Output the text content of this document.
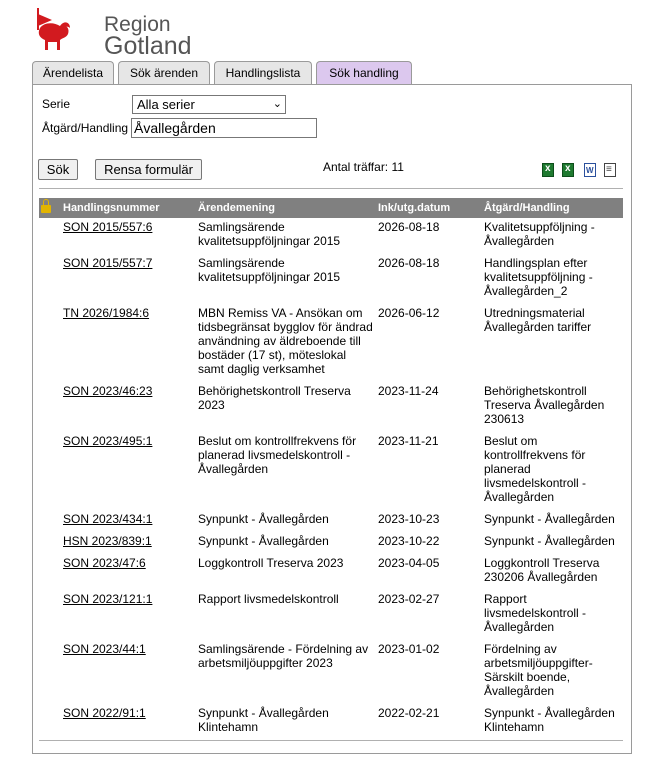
Region
Gotland
Ärendelista	Sök ärenden	Handlingslista	Sök handling
Serie	Alla serier	⌄
Åtgärd/Handling
Åvallegården
Sök	Rensa formulär	Antal träffar: 11
x
x
W
≡
	Handlingsnummer	Ärendemening	Ink/utg.datum	Åtgärd/Handling
	SON 2015/557:6	Samlingsärende kvalitetsuppföljningar 2015	2026-08-18	Kvalitetsuppföljning - Åvallegården
	SON 2015/557:7	Samlingsärende kvalitetsuppföljningar 2015	2026-08-18	Handlingsplan efter kvalitetsuppföljning - Åvallegården_2
	TN 2026/1984:6	MBN Remiss VA - Ansökan om tidsbegränsat bygglov för ändrad användning av äldreboende till bostäder (17 st), möteslokal samt daglig verksamhet	2026-06-12	Utredningsmaterial Åvallegården tariffer
	SON 2023/46:23	Behörighetskontroll Treserva 2023	2023-11-24	Behörighetskontroll Treserva Åvallegården 230613
	SON 2023/495:1	Beslut om kontrollfrekvens för planerad livsmedelskontroll - Åvallegården	2023-11-21	Beslut om kontrollfrekvens för planerad livsmedelskontroll - Åvallegården
	SON 2023/434:1	Synpunkt - Åvallegården	2023-10-23	Synpunkt - Åvallegården
	HSN 2023/839:1	Synpunkt - Åvallegården	2023-10-22	Synpunkt - Åvallegården
	SON 2023/47:6	Loggkontroll Treserva 2023	2023-04-05	Loggkontroll Treserva 230206 Åvallegården
	SON 2023/121:1	Rapport livsmedelskontroll	2023-02-27	Rapport livsmedelskontroll - Åvallegården
	SON 2023/44:1	Samlingsärende - Fördelning av arbetsmiljöuppgifter 2023	2023-01-02	Fördelning av arbetsmiljöuppgifter-Särskilt boende, Åvallegården
	SON 2022/91:1	Synpunkt - Åvallegården Klintehamn	2022-02-21	Synpunkt - Åvallegården Klintehamn
